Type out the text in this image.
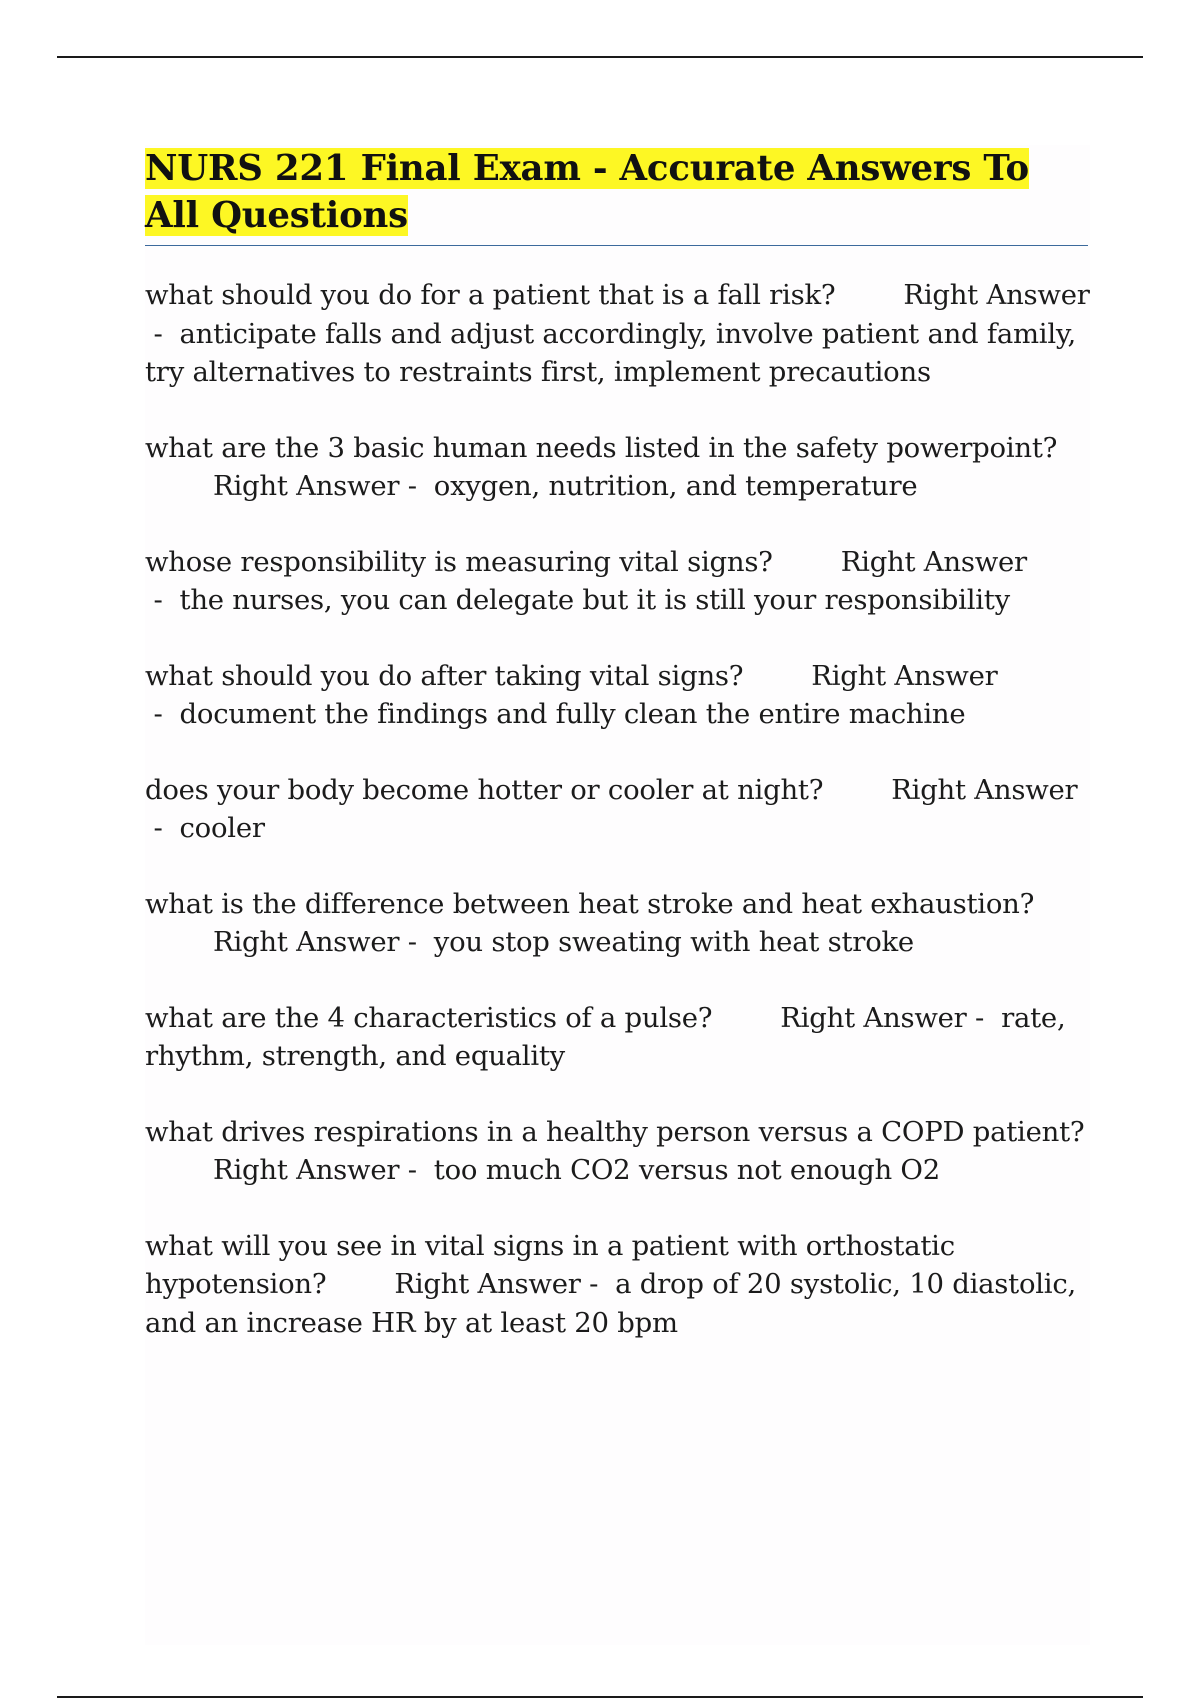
NURS 221 Final Exam - Accurate Answers To All Questions

what should you do for a patient that is a fall risk? Right Answer -  anticipate falls and adjust accordingly, involve patient and family, try alternatives to restraints first, implement precautions

what are the 3 basic human needs listed in the safety powerpoint?Right Answer -  oxygen, nutrition, and temperature

whose responsibility is measuring vital signs? Right Answer -  the nurses, you can delegate but it is still your responsibility

what should you do after taking vital signs? Right Answer -  document the findings and fully clean the entire machine

does your body become hotter or cooler at night? Right Answer -  cooler

what is the difference between heat stroke and heat exhaustion?Right Answer -  you stop sweating with heat stroke

what are the 4 characteristics of a pulse? Right Answer -  rate, rhythm, strength, and equality

what drives respirations in a healthy person versus a COPD patient?Right Answer -  too much CO2 versus not enough O2

what will you see in vital signs in a patient with orthostatic hypotension? Right Answer -  a drop of 20 systolic, 10 diastolic, and an increase HR by at least 20 bpm
